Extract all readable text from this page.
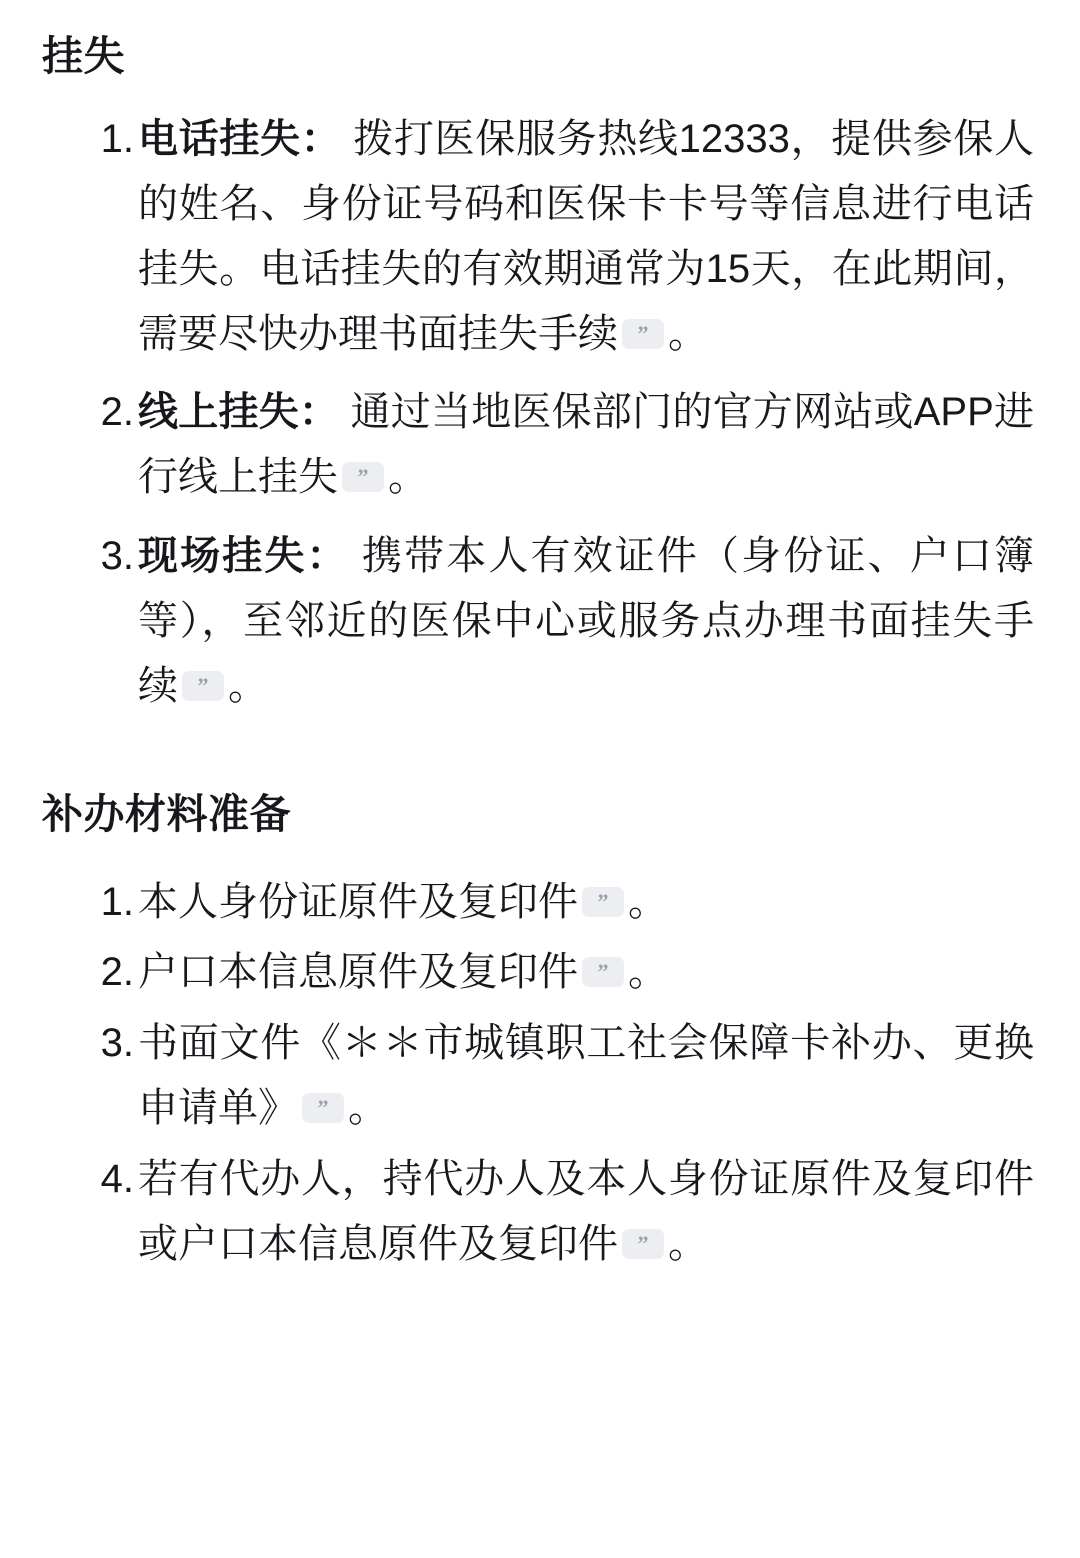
挂失
电话挂失： 拨打医保服务热线12333，提供参保人的姓名、身份证号码和医保卡卡号等信息进行电话挂失。电话挂失的有效期通常为15天，在此期间，需要尽快办理书面挂失手续 ” 。
线上挂失： 通过当地医保部门的官方网站或APP进行线上挂失 ” 。
现场挂失： 携带本人有效证件（身份证、户口簿等），至邻近的医保中心或服务点办理书面挂失手续 ” 。
补办材料准备
本人身份证原件及复印件 ” 。
户口本信息原件及复印件 ” 。
书面文件《＊＊市城镇职工社会保障卡补办、更换申请单》 ” 。
若有代办人，持代办人及本人身份证原件及复印件或户口本信息原件及复印件 ” 。
